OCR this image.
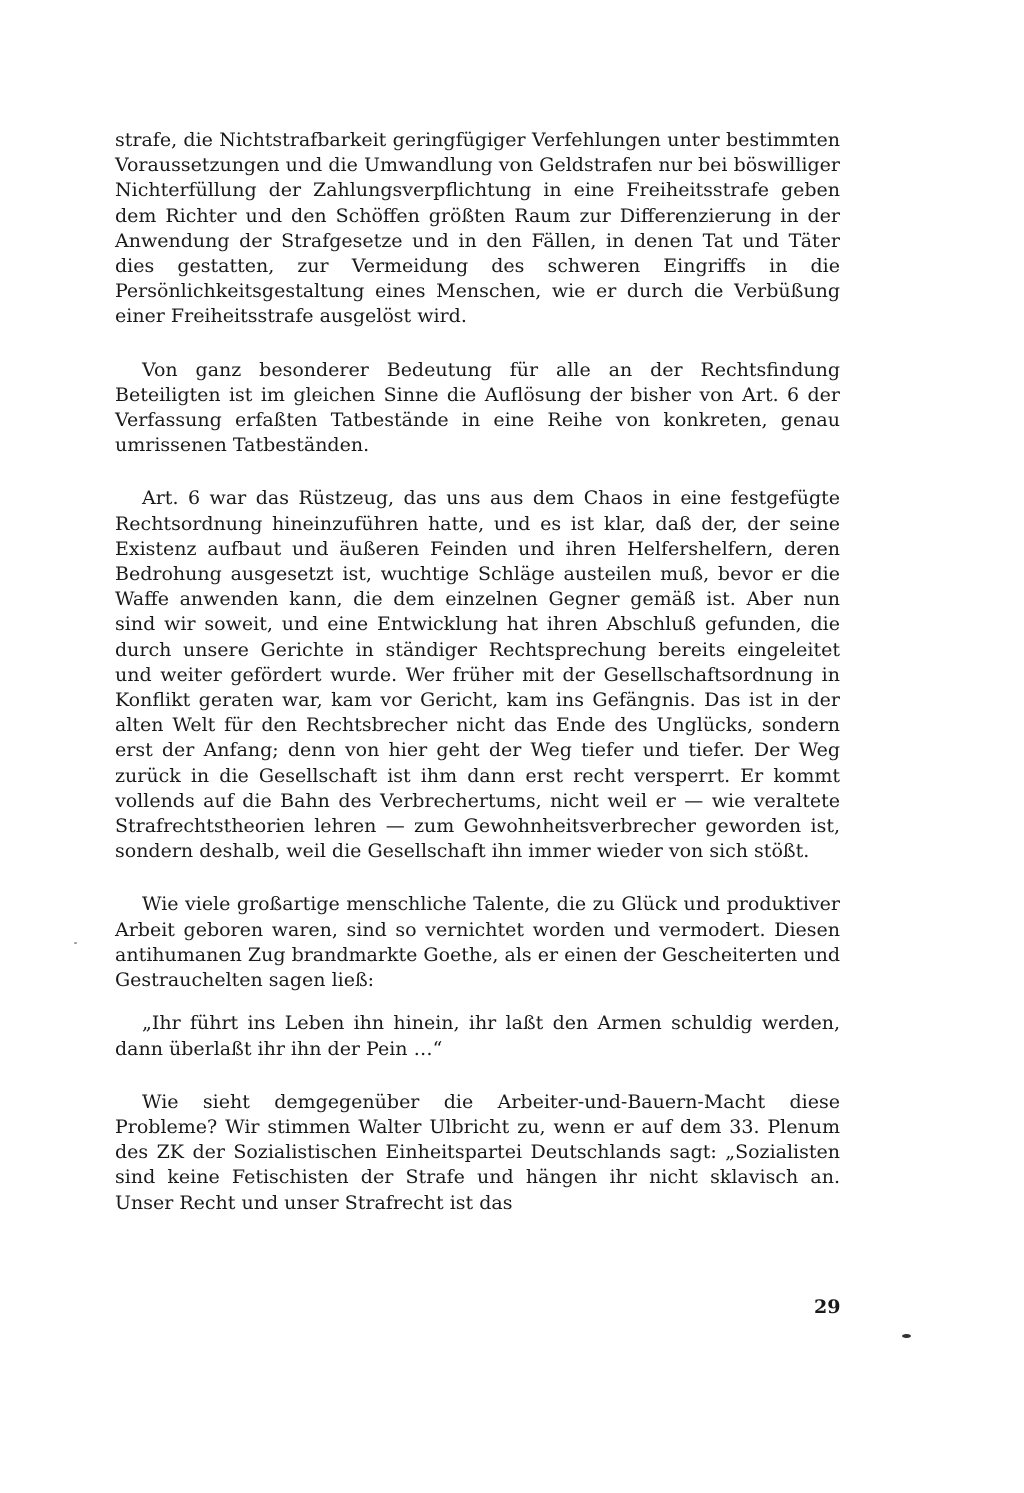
strafe, die Nichtstrafbarkeit geringfügiger Verfehlungen unter bestimmten Voraussetzungen und die Umwandlung von Geldstrafen nur bei böswilliger Nichterfüllung der Zahlungsverpflichtung in eine Freiheitsstrafe geben dem Richter und den Schöffen größten Raum zur Differenzierung in der Anwendung der Strafgesetze und in den Fällen, in denen Tat und Täter dies gestatten, zur Vermeidung des schweren Eingriffs in die Persönlichkeitsgestaltung eines Menschen, wie er durch die Verbüßung einer Freiheitsstrafe ausgelöst wird.

Von ganz besonderer Bedeutung für alle an der Rechtsfindung Beteiligten ist im gleichen Sinne die Auflösung der bisher von Art. 6 der Verfassung erfaßten Tatbestände in eine Reihe von konkreten, genau umrissenen Tatbeständen.

Art. 6 war das Rüstzeug, das uns aus dem Chaos in eine festgefügte Rechtsordnung hineinzuführen hatte, und es ist klar, daß der, der seine Existenz aufbaut und äußeren Feinden und ihren Helfershelfern, deren Bedrohung ausgesetzt ist, wuchtige Schläge austeilen muß, bevor er die Waffe anwenden kann, die dem einzelnen Gegner gemäß ist. Aber nun sind wir soweit, und eine Entwicklung hat ihren Abschluß gefunden, die durch unsere Gerichte in ständiger Rechtsprechung bereits eingeleitet und weiter gefördert wurde. Wer früher mit der Gesellschaftsordnung in Konflikt geraten war, kam vor Gericht, kam ins Gefängnis. Das ist in der alten Welt für den Rechtsbrecher nicht das Ende des Unglücks, sondern erst der Anfang; denn von hier geht der Weg tiefer und tiefer. Der Weg zurück in die Gesellschaft ist ihm dann erst recht versperrt. Er kommt vollends auf die Bahn des Verbrechertums, nicht weil er — wie veraltete Strafrechtstheorien lehren — zum Gewohnheitsverbrecher geworden ist, sondern deshalb, weil die Gesellschaft ihn immer wieder von sich stößt.

Wie viele großartige menschliche Talente, die zu Glück und produktiver Arbeit geboren waren, sind so vernichtet worden und vermodert. Diesen antihumanen Zug brandmarkte Goethe, als er einen der Gescheiterten und Gestrauchelten sagen ließ:

„Ihr führt ins Leben ihn hinein, ihr laßt den Armen schuldig werden, dann überlaßt ihr ihn der Pein …“

Wie sieht demgegenüber die Arbeiter-und-Bauern-Macht diese Probleme? Wir stimmen Walter Ulbricht zu, wenn er auf dem 33. Plenum des ZK der Sozialistischen Einheitspartei Deutschlands sagt: „Sozialisten sind keine Fetischisten der Strafe und hängen ihr nicht sklavisch an. Unser Recht und unser Strafrecht ist das

29
